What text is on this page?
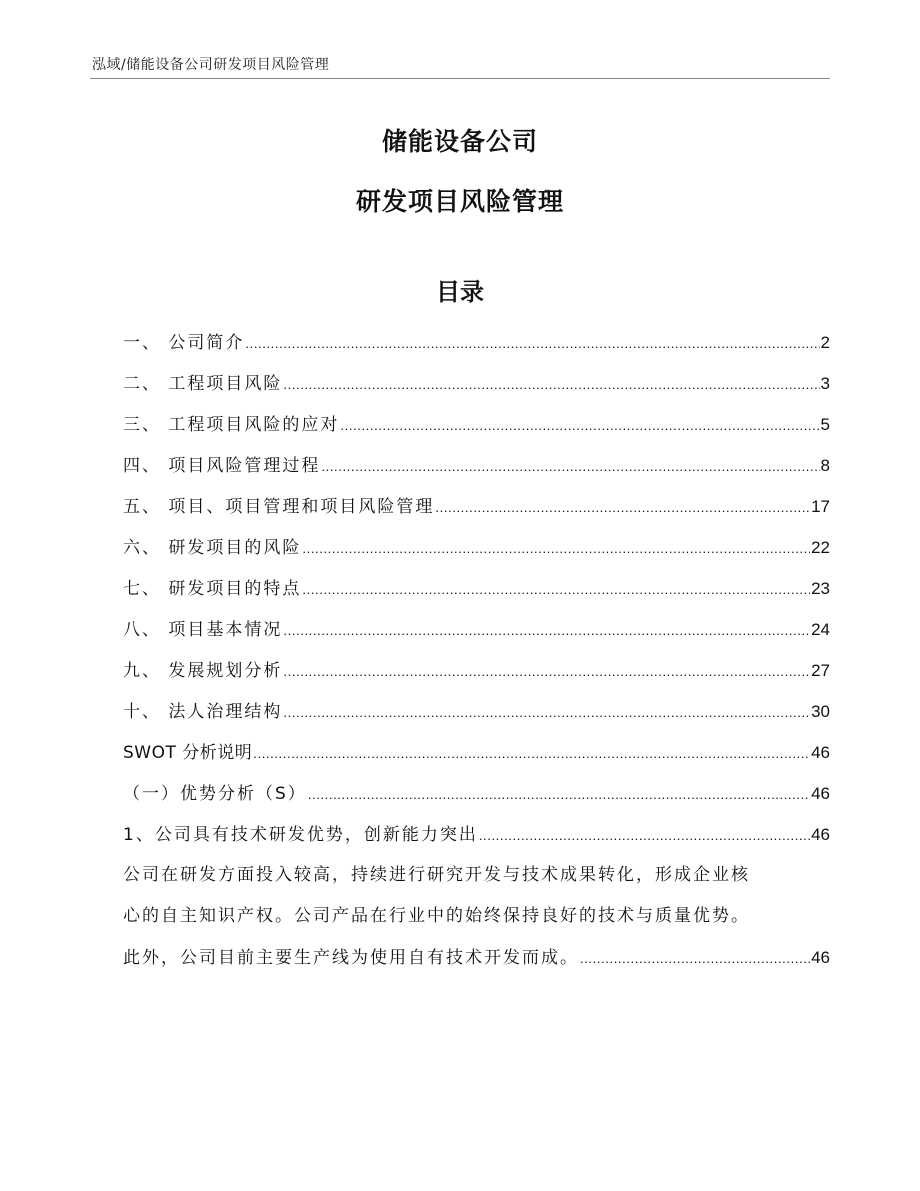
泓域/储能设备公司研发项目风险管理
储能设备公司
研发项目风险管理
目录
一、 公司简介 .....	2
二、 工程项目风险 .....	3
三、 工程项目风险的应对 .....	5
四、 项目风险管理过程 .....	8
五、 项目、项目管理和项目风险管理 .....	17
六、 研发项目的风险 .....	22
七、 研发项目的特点 .....	23
八、 项目基本情况 .....	24
九、 发展规划分析 .....	27
十、 法人治理结构 .....	30
SWOT 分析说明 .....	46
（一）优势分析（S） .....	46
1、公司具有技术研发优势，创新能力突出 .....	46
公司在研发方面投入较高，持续进行研究开发与技术成果转化，形成企业核
心的自主知识产权。公司产品在行业中的始终保持良好的技术与质量优势。
此外，公司目前主要生产线为使用自有技术开发而成。 .....	46
